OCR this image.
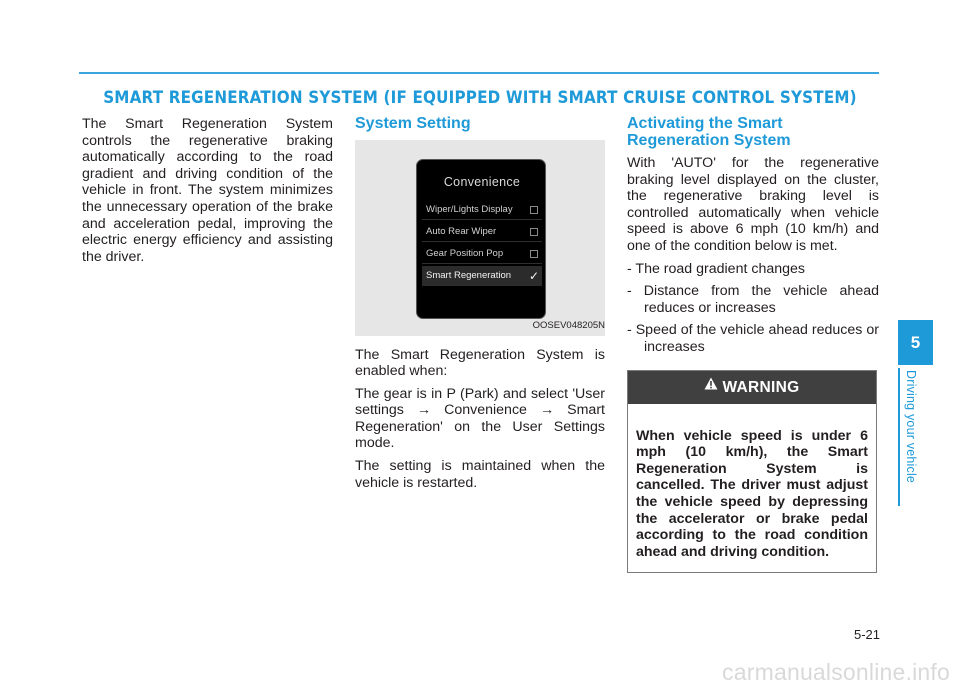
SMART REGENERATION SYSTEM (IF EQUIPPED WITH SMART CRUISE CONTROL SYSTEM)

The Smart Regeneration System controls the regenerative braking automatically according to the road gradient and driving condition of the vehicle in front. The system minimizes the unnecessary operation of the brake and acceleration pedal, improving the electric energy efficiency and assisting the driver.

System Setting
Convenience
Wiper/Lights Display
Auto Rear Wiper
Gear Position Pop
Smart Regeneration ✓
OOSEV048205N

The Smart Regeneration System is enabled when:

The gear is in P (Park) and select 'User settings → Convenience → Smart Regeneration' on the User Settings mode.

The setting is maintained when the vehicle is restarted.

Activating the Smart Regeneration System

With 'AUTO' for the regenerative braking level displayed on the cluster, the regenerative braking level is controlled automatically when vehicle speed is above 6 mph (10 km/h) and one of the condition below is met.

- The road gradient changes

- Distance from the vehicle ahead reduces or increases

- Speed of the vehicle ahead reduces or increases

WARNING
When vehicle speed is under 6 mph (10 km/h), the Smart Regeneration System is cancelled. The driver must adjust the vehicle speed by depressing the accelerator or brake pedal according to the road condition ahead and driving condition.
5
Driving your vehicle
5-21
carmanualsonline.info
